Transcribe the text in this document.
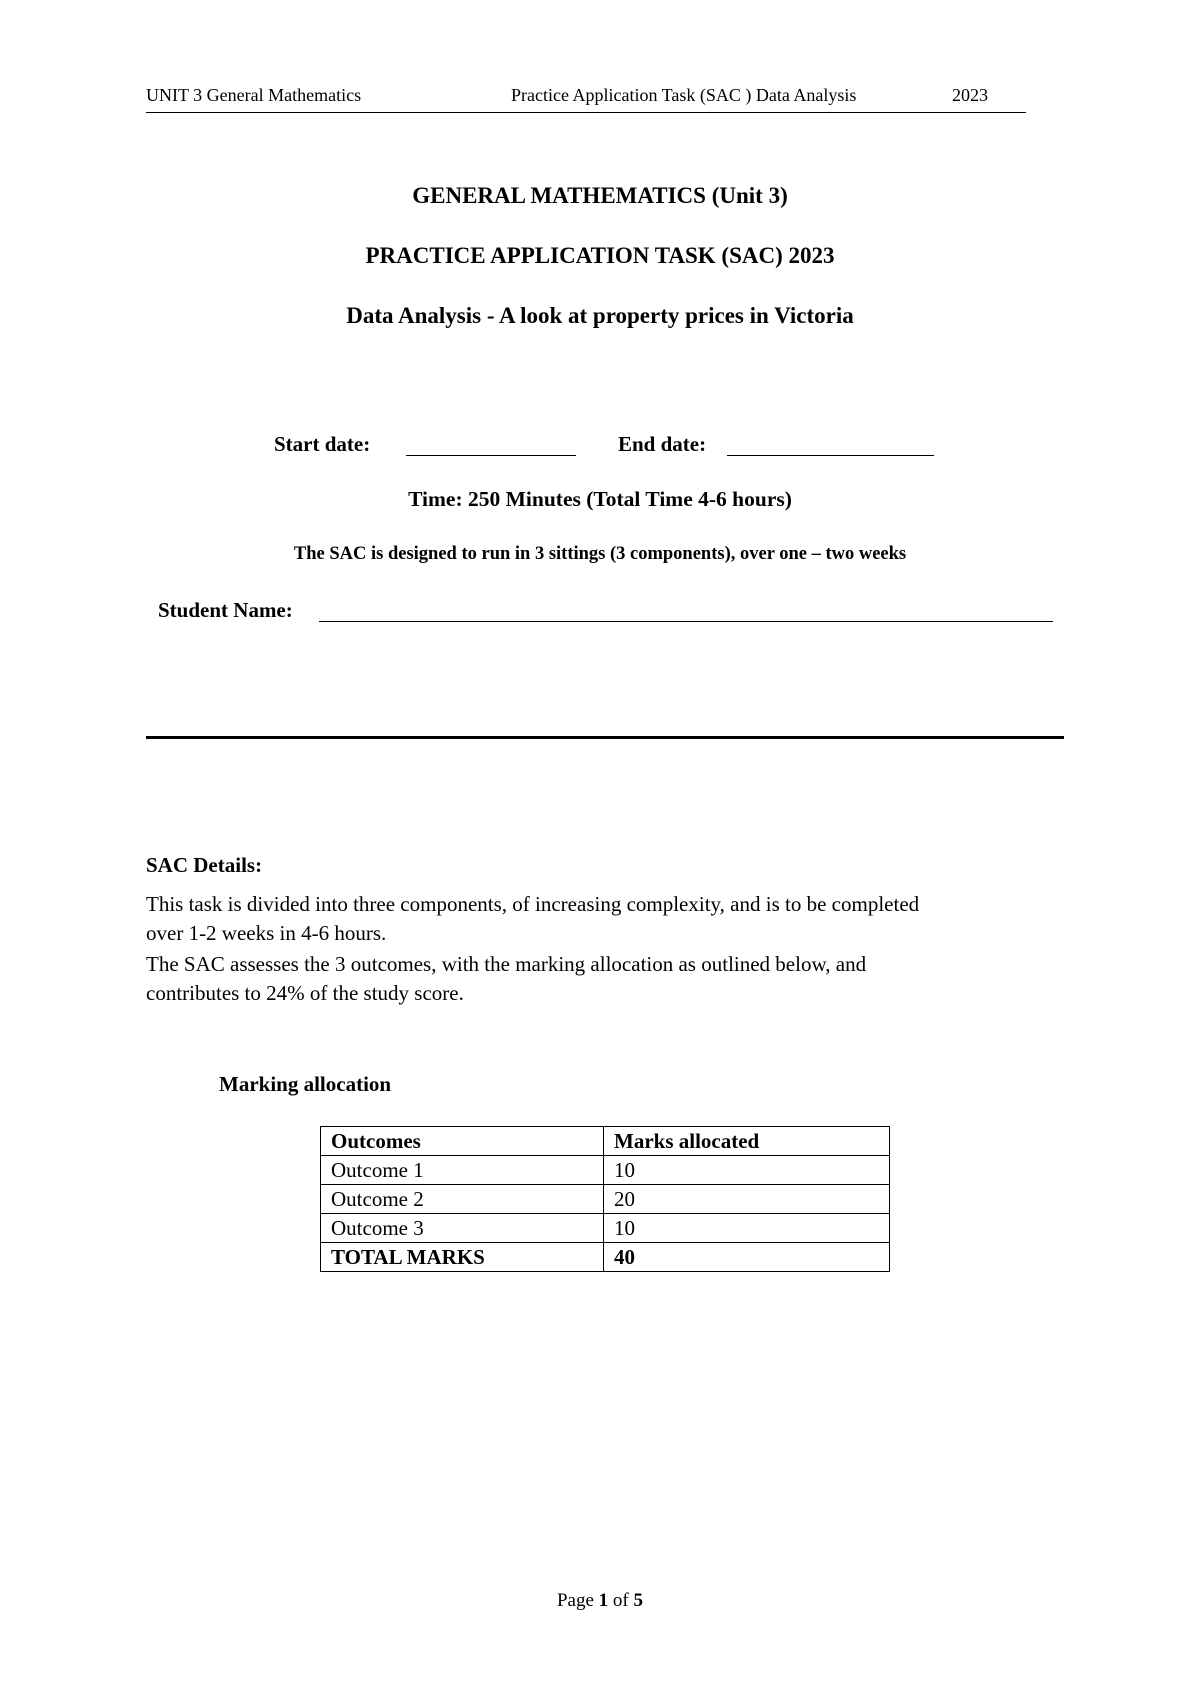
UNIT 3 General Mathematics	Practice Application Task (SAC ) Data Analysis	2023
GENERAL MATHEMATICS (Unit 3)
PRACTICE APPLICATION TASK (SAC) 2023
Data Analysis - A look at property prices in Victoria
Start date:	End date:
Time: 250 Minutes (Total Time 4-6 hours)
The SAC is designed to run in 3 sittings (3 components), over one – two weeks
Student Name:
SAC Details:
This task is divided into three components, of increasing complexity, and is to be completed
over 1-2 weeks in 4-6 hours.
The SAC assesses the 3 outcomes, with the marking allocation as outlined below, and
contributes to 24% of the study score.
Marking allocation
Outcomes	Marks allocated
Outcome 1	10
Outcome 2	20
Outcome 3	10
TOTAL MARKS	40
Page 1 of 5
